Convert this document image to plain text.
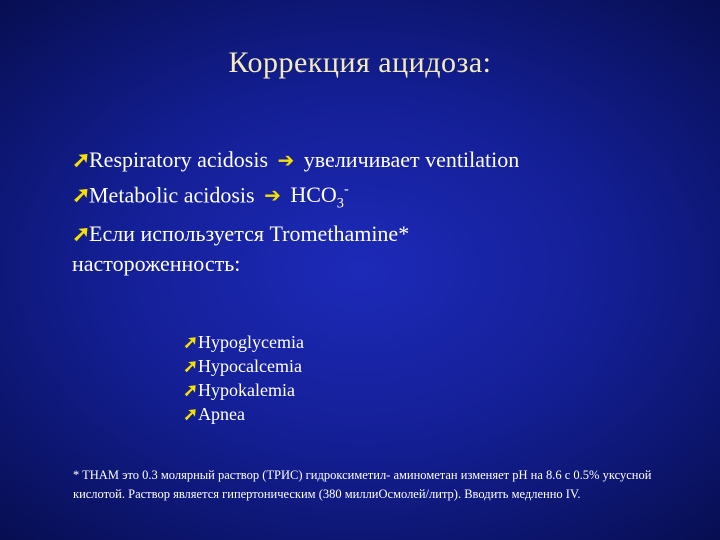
Коррекция ацидоза:
➚Respiratory acidosis ➔ увеличивает ventilation
➚Metabolic acidosis ➔ $HCO_3^-$
➚Если используется Tromethamine*
настороженность:
➚Hypoglycemia
➚Hypocalcemia
➚Hypokalemia
➚Apnea
* THAM это 0.3 молярный раствор (ТРИС) гидроксиметил- аминометан изменяет pH на 8.6 с 0.5% уксусной кислотой. Раствор является гипертоническим (380 миллиОсмолей/литр). Вводить медленно IV.
